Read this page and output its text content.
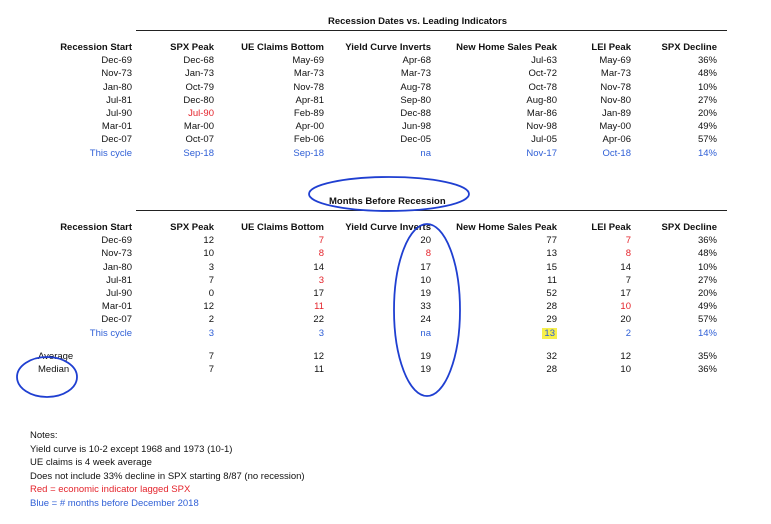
Recession Dates vs. Leading Indicators
Recession Start	SPX Peak	UE Claims Bottom	Yield Curve Inverts	New Home Sales Peak	LEI Peak	SPX Decline
Dec-69	Dec-68	May-69	Apr-68	Jul-63	May-69	36%
Nov-73	Jan-73	Mar-73	Mar-73	Oct-72	Mar-73	48%
Jan-80	Oct-79	Nov-78	Aug-78	Oct-78	Nov-78	10%
Jul-81	Dec-80	Apr-81	Sep-80	Aug-80	Nov-80	27%
Jul-90	Jul-90	Feb-89	Dec-88	Mar-86	Jan-89	20%
Mar-01	Mar-00	Apr-00	Jun-98	Nov-98	May-00	49%
Dec-07	Oct-07	Feb-06	Dec-05	Jul-05	Apr-06	57%
This cycle	Sep-18	Sep-18	na	Nov-17	Oct-18	14%
Months Before Recession
Recession Start	SPX Peak	UE Claims Bottom	Yield Curve Inverts	New Home Sales Peak	LEI Peak	SPX Decline
Dec-69	12	7	20	77	7	36%
Nov-73	10	8	8	13	8	48%
Jan-80	3	14	17	15	14	10%
Jul-81	7	3	10	11	7	27%
Jul-90	0	17	19	52	17	20%
Mar-01	12	11	33	28	10	49%
Dec-07	2	22	24	29	20	57%
This cycle	3	3	na	13	2	14%

Average	7	12	19	32	12	35%
Median	7	11	19	28	10	36%
Notes:
Yield curve is 10-2 except 1968 and 1973 (10-1)
UE claims is 4 week average
Does not include 33% decline in SPX starting 8/87 (no recession)
Red = economic indicator lagged SPX
Blue = # months before December 2018
